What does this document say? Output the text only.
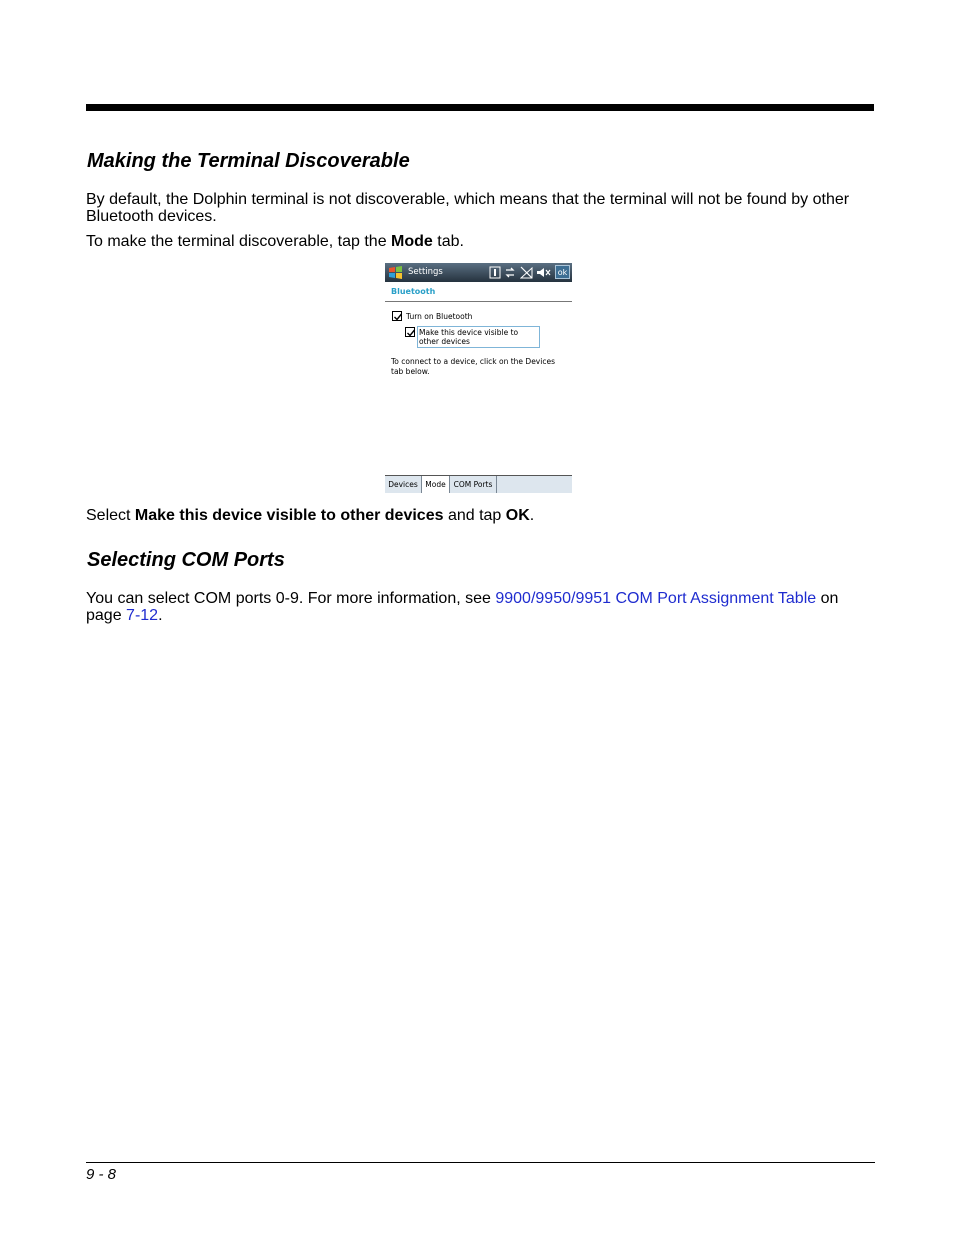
Making the Terminal Discoverable

By default, the Dolphin terminal is not discoverable, which means that the terminal will not be found by other Bluetooth devices.

To make the terminal discoverable, tap the Mode tab.

Settings	ok
Bluetooth
Turn on Bluetooth
Make this device visible to other devices
To connect to a device, click on the Devices tab below.
Devices	Mode	COM Ports

Select Make this device visible to other devices and tap OK.

Selecting COM Ports

You can select COM ports 0-9. For more information, see 9900/9950/9951 COM Port Assignment Table on page 7-12.

9 - 8
